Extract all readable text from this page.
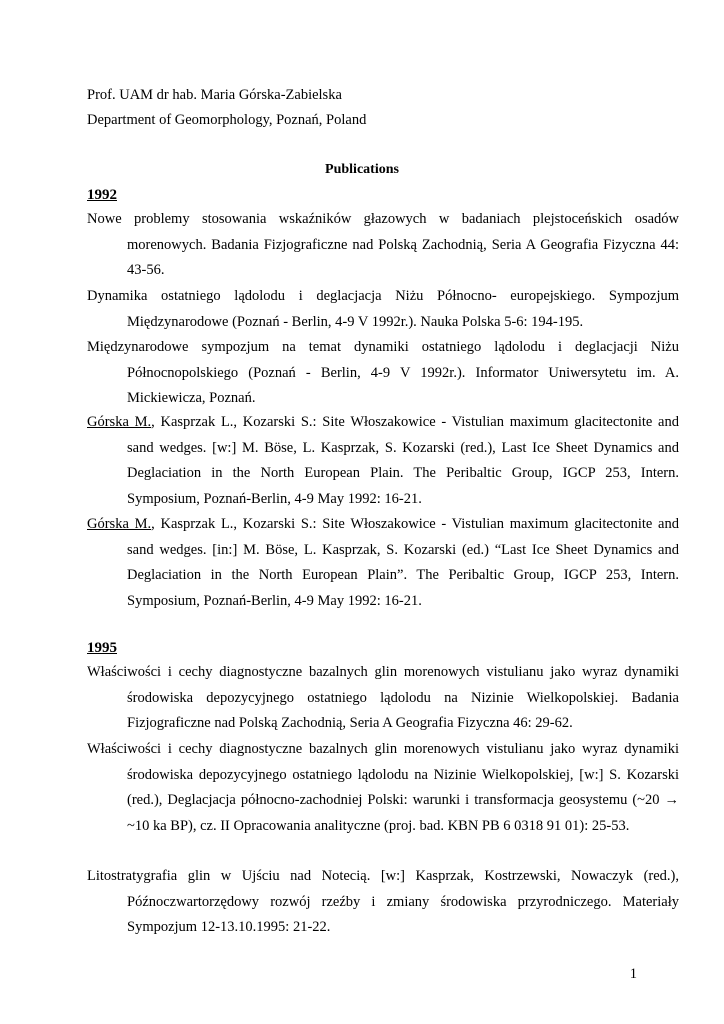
Prof. UAM dr hab. Maria Górska-Zabielska
Department of Geomorphology, Poznań, Poland
Publications
1992
Nowe problemy stosowania wskaźników głazowych w badaniach plejstoceńskich osadów morenowych. Badania Fizjograficzne nad Polską Zachodnią, Seria A Geografia Fizyczna 44: 43-56.
Dynamika ostatniego lądolodu i deglacjacja Niżu Północno- europejskiego. Sympozjum Międzynarodowe (Poznań - Berlin, 4-9 V 1992r.). Nauka Polska 5-6: 194-195.
Międzynarodowe sympozjum na temat dynamiki ostatniego lądolodu i deglacjacji Niżu Północnopolskiego (Poznań - Berlin, 4-9 V 1992r.). Informator Uniwersytetu im. A. Mickiewicza, Poznań.
Górska M., Kasprzak L., Kozarski S.: Site Włoszakowice - Vistulian maximum glacitectonite and sand wedges. [w:] M. Böse, L. Kasprzak, S. Kozarski (red.), Last Ice Sheet Dynamics and Deglaciation in the North European Plain. The Peribaltic Group, IGCP 253, Intern. Symposium, Poznań-Berlin, 4-9 May 1992: 16-21.
Górska M., Kasprzak L., Kozarski S.: Site Włoszakowice - Vistulian maximum glacitectonite and sand wedges. [in:] M. Böse, L. Kasprzak, S. Kozarski (ed.) “Last Ice Sheet Dynamics and Deglaciation in the North European Plain”. The Peribaltic Group, IGCP 253, Intern. Symposium, Poznań-Berlin, 4-9 May 1992: 16-21.
1995
Właściwości i cechy diagnostyczne bazalnych glin morenowych vistulianu jako wyraz dynamiki środowiska depozycyjnego ostatniego lądolodu na Nizinie Wielkopolskiej. Badania Fizjograficzne nad Polską Zachodnią, Seria A Geografia Fizyczna 46: 29-62.
Właściwości i cechy diagnostyczne bazalnych glin morenowych vistulianu jako wyraz dynamiki środowiska depozycyjnego ostatniego lądolodu na Nizinie Wielkopolskiej, [w:] S. Kozarski (red.), Deglacjacja północno-zachodniej Polski: warunki i transformacja geosystemu (~20 → ~10 ka BP), cz. II Opracowania analityczne (proj. bad. KBN PB 6 0318 91 01): 25-53.
Litostratygrafia glin w Ujściu nad Notecią. [w:] Kasprzak, Kostrzewski, Nowaczyk (red.), Późnoczwartorzędowy rozwój rzeźby i zmiany środowiska przyrodniczego. Materiały Sympozjum 12-13.10.1995: 21-22.
1
